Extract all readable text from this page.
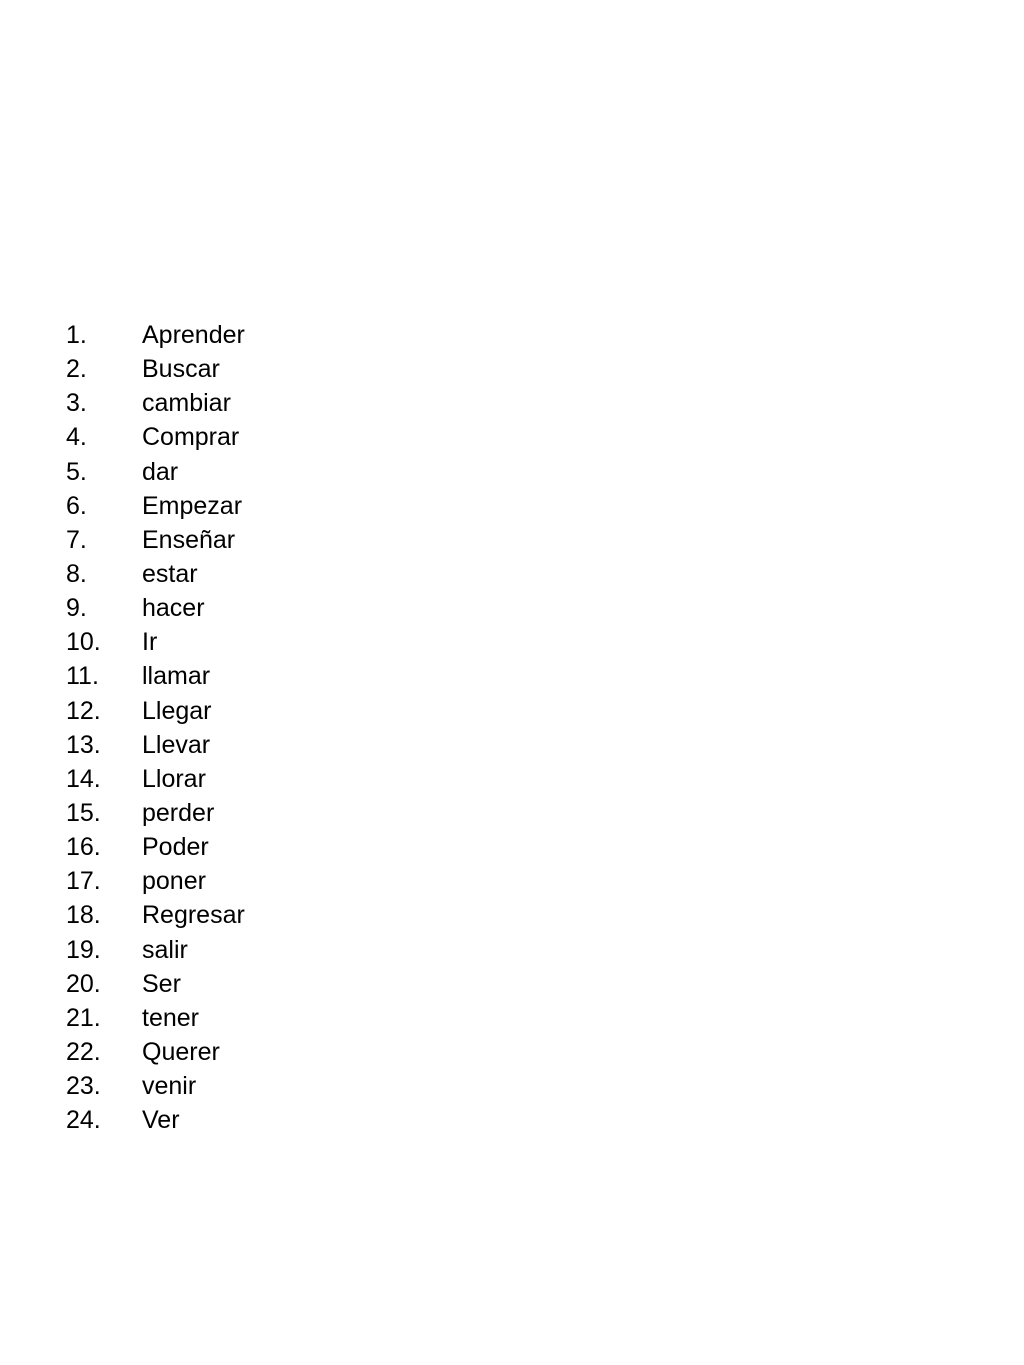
1.	Aprender
2.	Buscar
3.	cambiar
4.	Comprar
5.	dar
6.	Empezar
7.	Enseñar
8.	estar
9.	hacer
10.	Ir
11.	llamar
12.	Llegar
13.	Llevar
14.	Llorar
15.	perder
16.	Poder
17.	poner
18.	Regresar
19.	salir
20.	Ser
21.	tener
22.	Querer
23.	venir
24.	Ver
